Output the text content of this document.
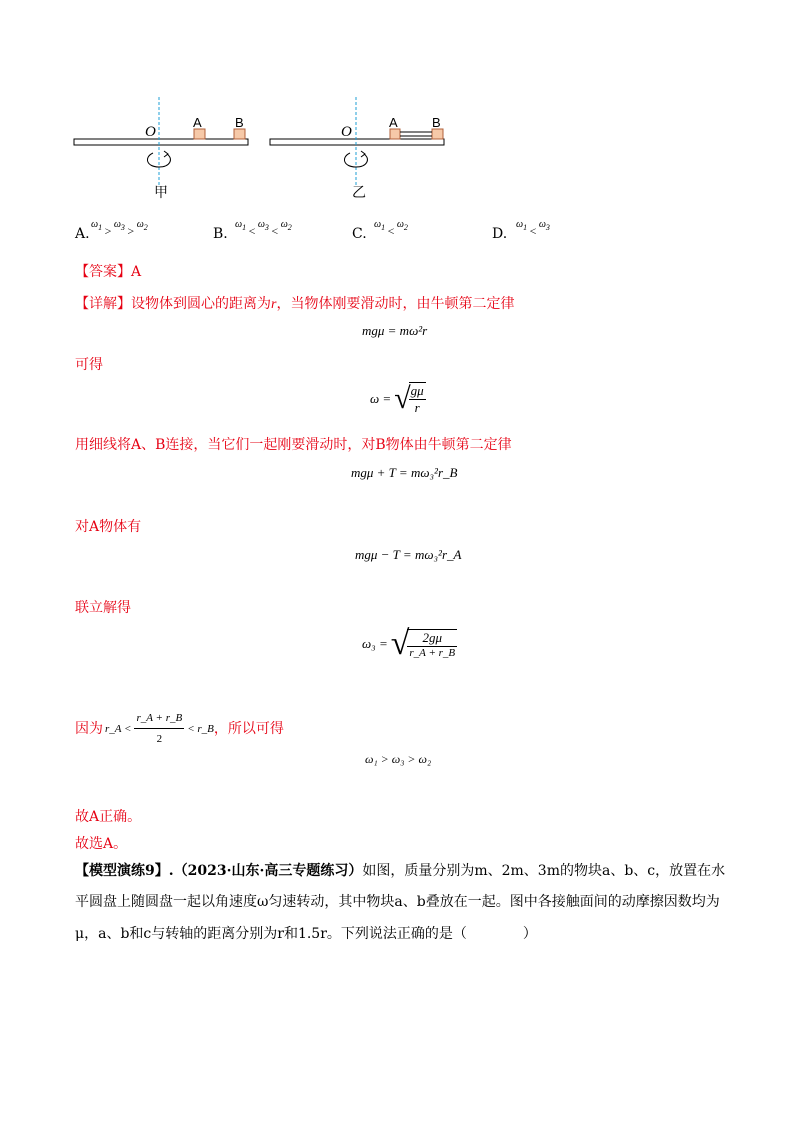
O
A	B
甲
O
A	B
乙
A.
$\omega_1 > \omega_3 > \omega_2$	B.
$\omega_1 < \omega_3 < \omega_2$	C.
$\omega_1 < \omega_2$	D.
$\omega_1 < \omega_3$
【答案】A
【详解】设物体到圆心的距离为r，当物体刚要滑动时，由牛顿第二定律
mgμ = mω²r
可得
ω = √
$\frac{g\mu}{r}$
用细线将A、B连接，当它们一起刚要滑动时，对B物体由牛顿第二定律
mgμ + T = mω₃²r_B
对A物体有
mgμ − T = mω₃²r_A
联立解得
ω₃ = √
$\frac{2g\mu}{r\_A + r\_B}$
因为 r_A < $\frac{r\_A + r\_B}{2}$ < r_B ，所以可得
ω₁ > ω₃ > ω₂
故A正确。
故选A。
【模型演练9】.（2023·山东·高三专题练习）如图，质量分别为m、2m、3m的物块a、b、c，放置在水
平圆盘上随圆盘一起以角速度ω匀速转动，其中物块a、b叠放在一起。图中各接触面间的动摩擦因数均为
μ，a、b和c与转轴的距离分别为r和1.5r。下列说法正确的是（　　　　）
